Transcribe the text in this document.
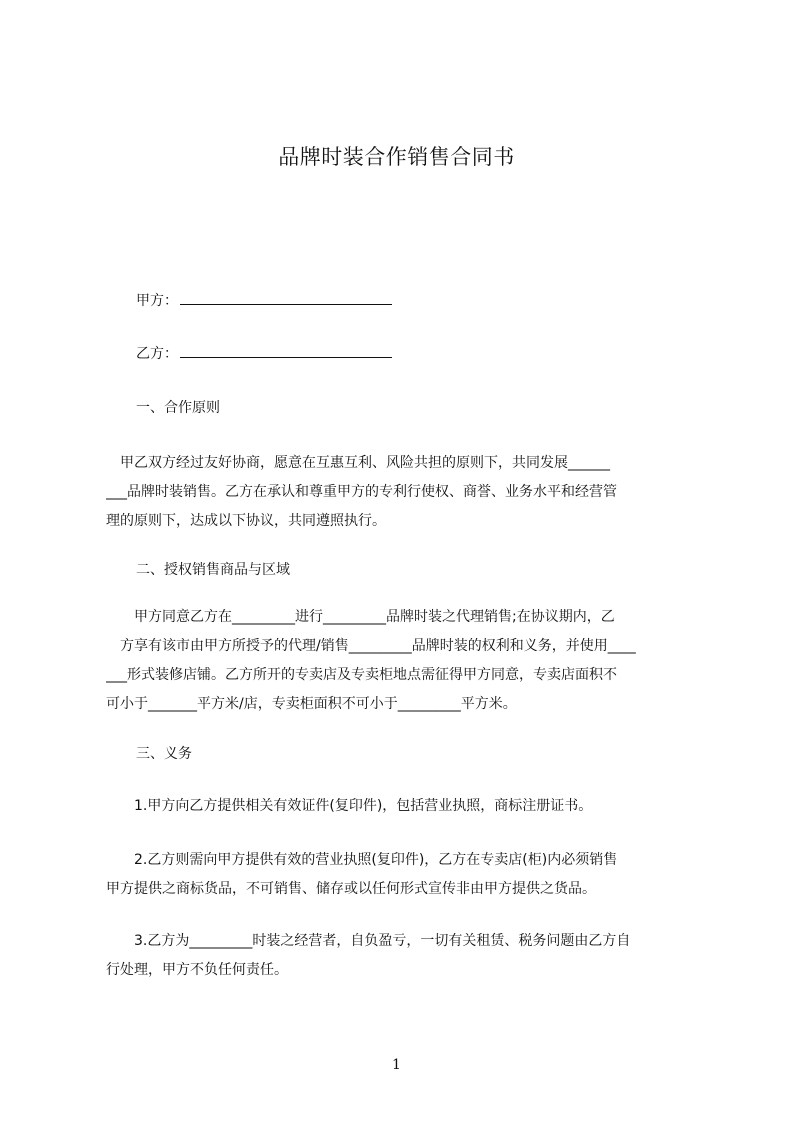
品牌时装合作销售合同书
甲方：
乙方：
一、合作原则
　甲乙双方经过友好协商，愿意在互惠互利、风险共担的原则下，共同发展______
___品牌时装销售。乙方在承认和尊重甲方的专利行使权、商誉、业务水平和经营管
理的原则下，达成以下协议，共同遵照执行。
二、授权销售商品与区域
　　甲方同意乙方在_________进行_________品牌时装之代理销售;在协议期内，乙
　方享有该市由甲方所授予的代理/销售_________品牌时装的权利和义务，并使用____
___形式装修店铺。乙方所开的专卖店及专卖柜地点需征得甲方同意，专卖店面积不
可小于_______平方米/店，专卖柜面积不可小于_________平方米。
三、义务
　　1.甲方向乙方提供相关有效证件(复印件)，包括营业执照，商标注册证书。
　　2.乙方则需向甲方提供有效的营业执照(复印件)，乙方在专卖店(柜)内必须销售
甲方提供之商标货品，不可销售、储存或以任何形式宣传非由甲方提供之货品。
　　3.乙方为_________时装之经营者，自负盈亏，一切有关租赁、税务问题由乙方自
行处理，甲方不负任何责任。
1
